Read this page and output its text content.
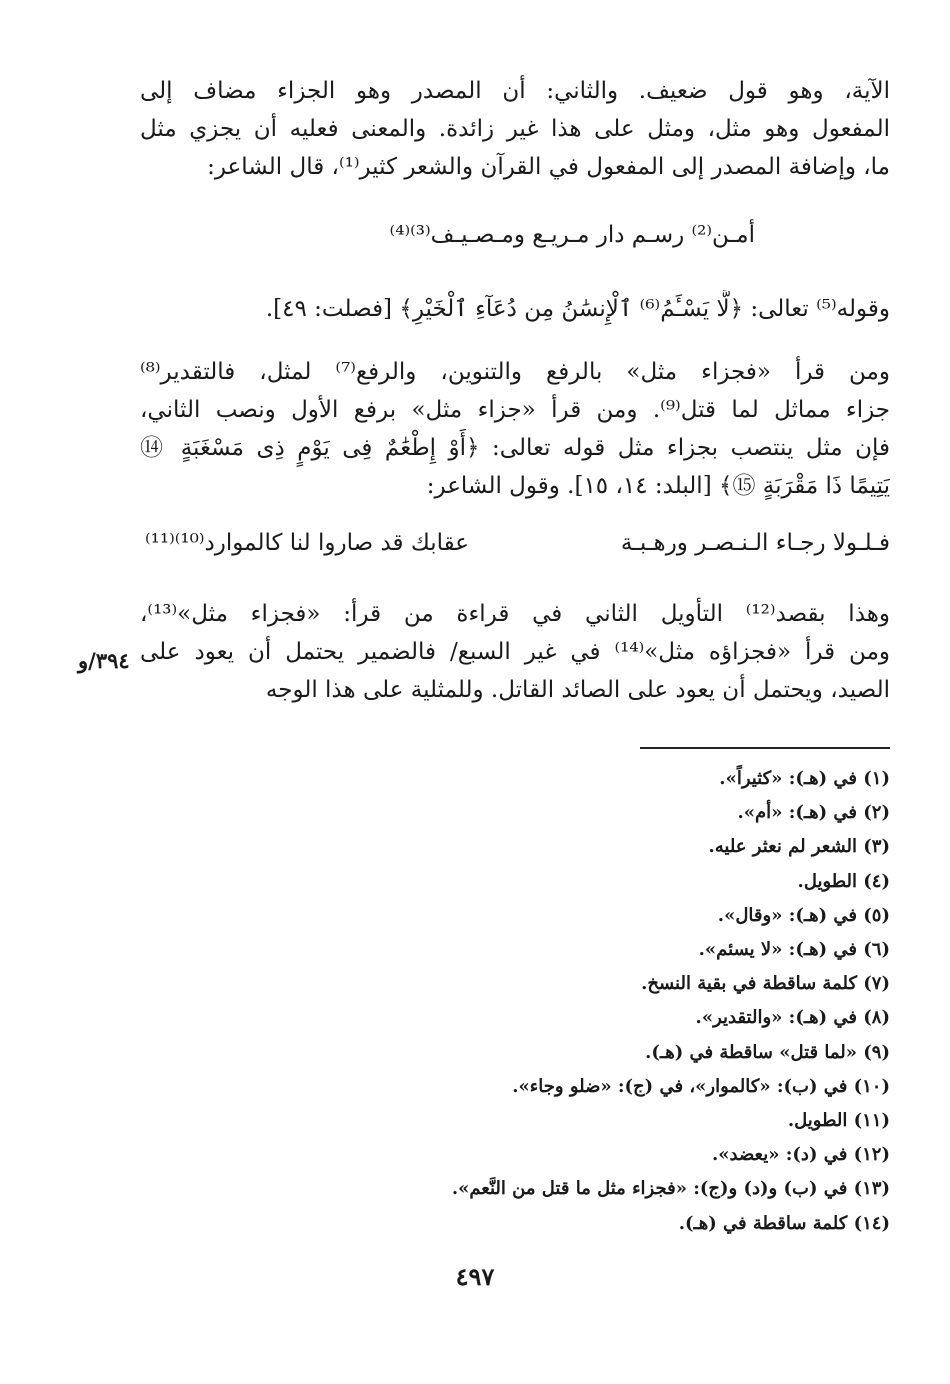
الآية، وهو قول ضعيف. والثاني: أن المصدر وهو الجزاء مضاف إلى
المفعول وهو مثل، ومثل على هذا غير زائدة. والمعنى فعليه أن يجزي مثل
ما، وإضافة المصدر إلى المفعول في القرآن والشعر كثير⁽¹⁾، قال الشاعر:
أمـن⁽²⁾ رسـم دار مـريـع ومـصـيـف⁽³⁾⁽⁴⁾
وقوله⁽⁵⁾ تعالى: ﴿لَّا يَسْـَٔمُ⁽⁶⁾ ٱلْإِنسَٰنُ مِن دُعَآءِ ٱلْخَيْرِ﴾ [فصلت: ٤٩].
ومن قرأ «فجزاء مثل» بالرفع والتنوين، والرفع⁽⁷⁾ لمثل، فالتقدير⁽⁸⁾
جزاء مماثل لما قتل⁽⁹⁾. ومن قرأ «جزاء مثل» برفع الأول ونصب الثاني،
فإن مثل ينتصب بجزاء مثل قوله تعالى: ﴿أَوْ إِطْعَٰمٌ فِى يَوْمٍ ذِى مَسْغَبَةٍ ⑭
يَتِيمًا ذَا مَقْرَبَةٍ ⑮﴾ [البلد: ١٤، ١٥]. وقول الشاعر:
فـلـولا رجـاء الـنـصـر ورهـبـة
عقابك قد صاروا لنا كالموارد⁽¹⁰⁾⁽¹¹⁾
وهذا بقصد⁽¹²⁾ التأويل الثاني في قراءة من قرأ: «فجزاء مثل»⁽¹³⁾،
ومن قرأ «فجزاؤه مثل»⁽¹⁴⁾ في غير السبع/ فالضمير يحتمل أن يعود على
الصيد، ويحتمل أن يعود على الصائد القاتل. وللمثلية على هذا الوجه
٣٩٤/و
(١) في (هـ): «كثيراً».
(٢) في (هـ): «أم».
(٣) الشعر لم نعثر عليه.
(٤) الطويل.
(٥) في (هـ): «وقال».
(٦) في (هـ): «لا يسئم».
(٧) كلمة ساقطة في بقية النسخ.
(٨) في (هـ): «والتقدير».
(٩) «لما قتل» ساقطة في (هـ).
(١٠) في (ب): «كالموار»، في (ج): «ضلو وجاء».
(١١) الطويل.
(١٢) في (د): «يعضد».
(١٣) في (ب) و(د) و(ج): «فجزاء مثل ما قتل من النَّعم».
(١٤) كلمة ساقطة في (هـ).
٤٩٧
